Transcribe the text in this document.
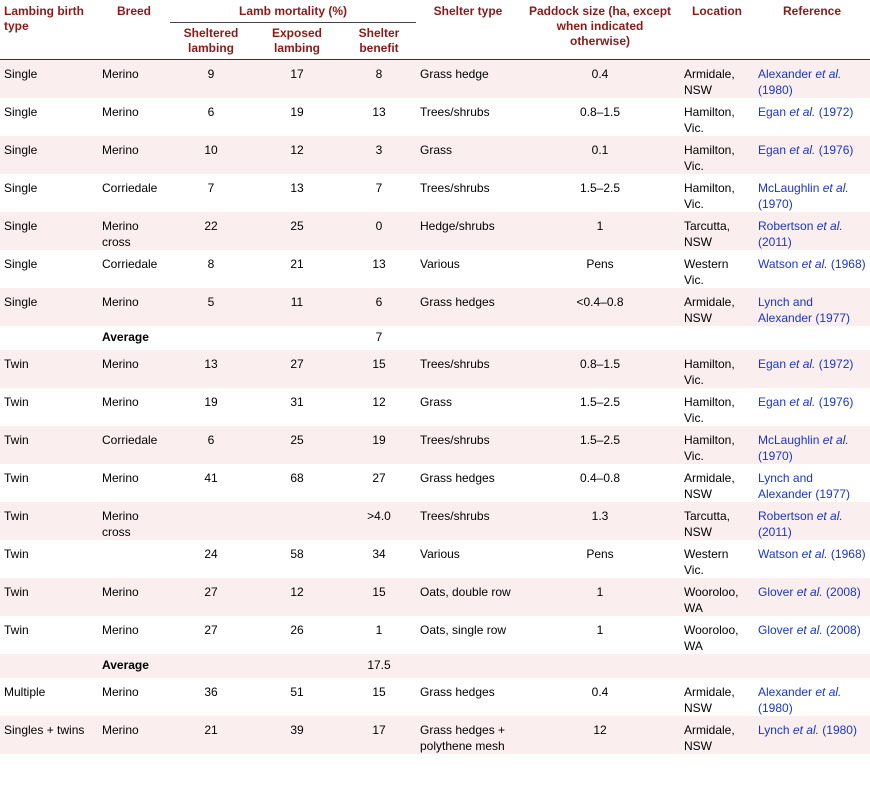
Lambing birth type	Breed	Lamb mortality (%)			Shelter type	Paddock size (ha, except when indicated otherwise)	Location	Reference
		Sheltered lambing	Exposed lambing	Shelter benefit				
Single	Merino	9	17	8	Grass hedge	0.4	Armidale, NSW	Alexander et al. (1980)
Single	Merino	6	19	13	Trees/shrubs	0.8–1.5	Hamilton, Vic.	Egan et al. (1972)
Single	Merino	10	12	3	Grass	0.1	Hamilton, Vic.	Egan et al. (1976)
Single	Corriedale	7	13	7	Trees/shrubs	1.5–2.5	Hamilton, Vic.	McLaughlin et al. (1970)
Single	Merino cross	22	25	0	Hedge/shrubs	1	Tarcutta, NSW	Robertson et al. (2011)
Single	Corriedale	8	21	13	Various	Pens	Western Vic.	Watson et al. (1968)
Single	Merino	5	11	6	Grass hedges	<0.4–0.8	Armidale, NSW	Lynch and Alexander (1977)
	Average			7				
Twin	Merino	13	27	15	Trees/shrubs	0.8–1.5	Hamilton, Vic.	Egan et al. (1972)
Twin	Merino	19	31	12	Grass	1.5–2.5	Hamilton, Vic.	Egan et al. (1976)
Twin	Corriedale	6	25	19	Trees/shrubs	1.5–2.5	Hamilton, Vic.	McLaughlin et al. (1970)
Twin	Merino	41	68	27	Grass hedges	0.4–0.8	Armidale, NSW	Lynch and Alexander (1977)
Twin	Merino cross			>4.0	Trees/shrubs	1.3	Tarcutta, NSW	Robertson et al. (2011)
Twin		24	58	34	Various	Pens	Western Vic.	Watson et al. (1968)
Twin	Merino	27	12	15	Oats, double row	1	Wooroloo, WA	Glover et al. (2008)
Twin	Merino	27	26	1	Oats, single row	1	Wooroloo, WA	Glover et al. (2008)
	Average			17.5				
Multiple	Merino	36	51	15	Grass hedges	0.4	Armidale, NSW	Alexander et al. (1980)
Singles + twins	Merino	21	39	17	Grass hedges + polythene mesh	12	Armidale, NSW	Lynch et al. (1980)
